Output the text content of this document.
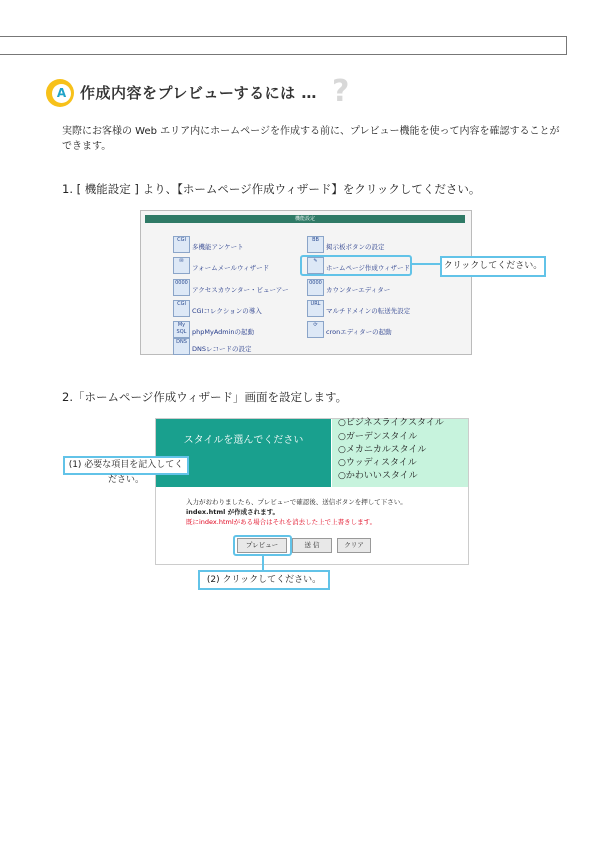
A 作成内容をプレビューするには … ?
実際にお客様の Web エリア内にホームページを作成する前に、プレビュー機能を使って内容を確認することができます。
1. [ 機能設定 ] より、【ホームページ作成ウィザード】をクリックしてください。
機能設定
CGI
多機能アンケート
✉
フォームメールウィザード
0000
アクセスカウンター・ビューアー
CGI
CGIコレクションの導入
My SQL phpMyAdminの起動
DNS
DNSレコードの設定
BB
掲示板ボタンの設定
✎
ホームページ作成ウィザード
0000
カウンターエディター
URL
マルチドメインの転送先設定
⟳
cronエディターの起動
クリックしてください。
2.「ホームページ作成ウィザード」画面を設定します。
スタイルを選んでください
○ビジネスライクスタイル
○ガーデンスタイル
○メカニカルスタイル
○ウッディスタイル
○かわいいスタイル
(1) 必要な項目を記入してください。
入力がおわりましたら、プレビューで確認後、送信ボタンを押して下さい。
index.html が作成されます。
既にindex.htmlがある場合はそれを消去した上で上書きします。
プレビュー	送 信	クリア
(2) クリックしてください。
